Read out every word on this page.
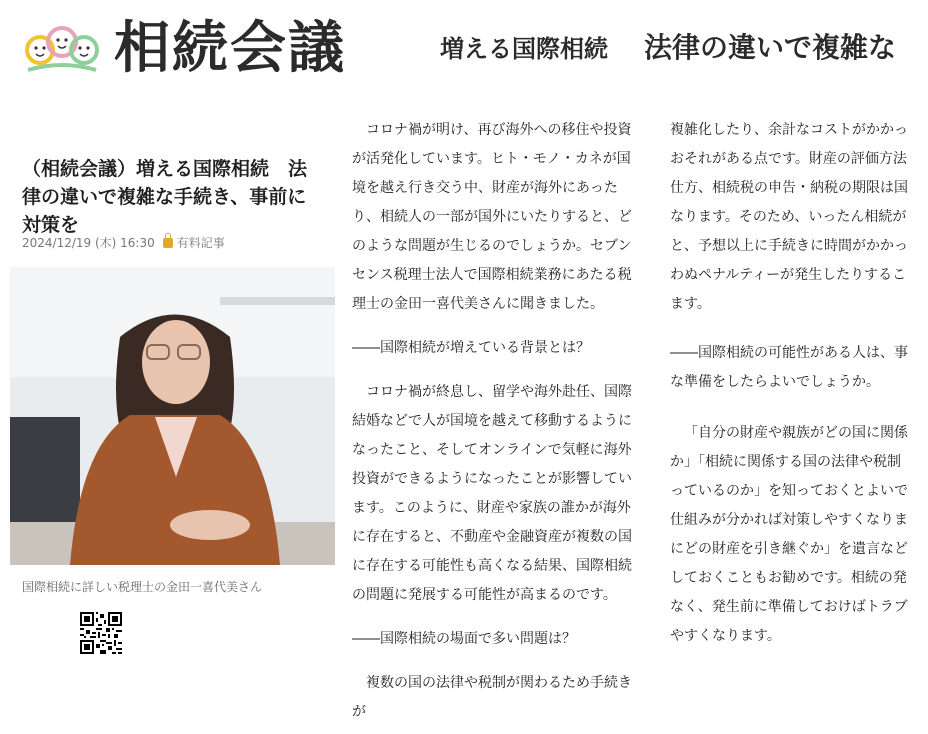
相続会議	増える国際相続 法律の違いで複雑な
（相続会議）増える国際相続　法律の違いで複雑な手続き、事前に対策を
2024/12/19 (木) 16:30 有料記事
国際相続に詳しい税理士の金田一喜代美さん

コロナ禍が明け、再び海外への移住や投資が活発化しています。ヒト・モノ・カネが国境を越え行き交う中、財産が海外にあったり、相続人の一部が国外にいたりすると、どのような問題が生じるのでしょうか。セブンセンス税理士法人で国際相続業務にあたる税理士の金田一喜代美さんに聞きました。

――国際相続が増えている背景とは？

コロナ禍が終息し、留学や海外赴任、国際結婚などで人が国境を越えて移動するようになったこと、そしてオンラインで気軽に海外投資ができるようになったことが影響しています。このように、財産や家族の誰かが海外に存在すると、不動産や金融資産が複数の国に存在する可能性も高くなる結果、国際相続の問題に発展する可能性が高まるのです。

――国際相続の場面で多い問題は？

複数の国の法律や税制が関わるため手続きが

複雑化したり、余計なコストがかかっ
おそれがある点です。財産の評価方法
仕方、相続税の申告・納税の期限は国
なります。そのため、いったん相続が
と、予想以上に手続きに時間がかかっ
わぬペナルティーが発生したりするこ
ます。
――国際相続の可能性がある人は、事
な準備をしたらよいでしょうか。
「自分の財産や親族がどの国に関係
か」「相続に関係する国の法律や税制
っているのか」を知っておくとよいで
仕組みが分かれば対策しやすくなりま
にどの財産を引き継ぐか」を遺言など
しておくこともお勧めです。相続の発
なく、発生前に準備しておけばトラブ
やすくなります。
